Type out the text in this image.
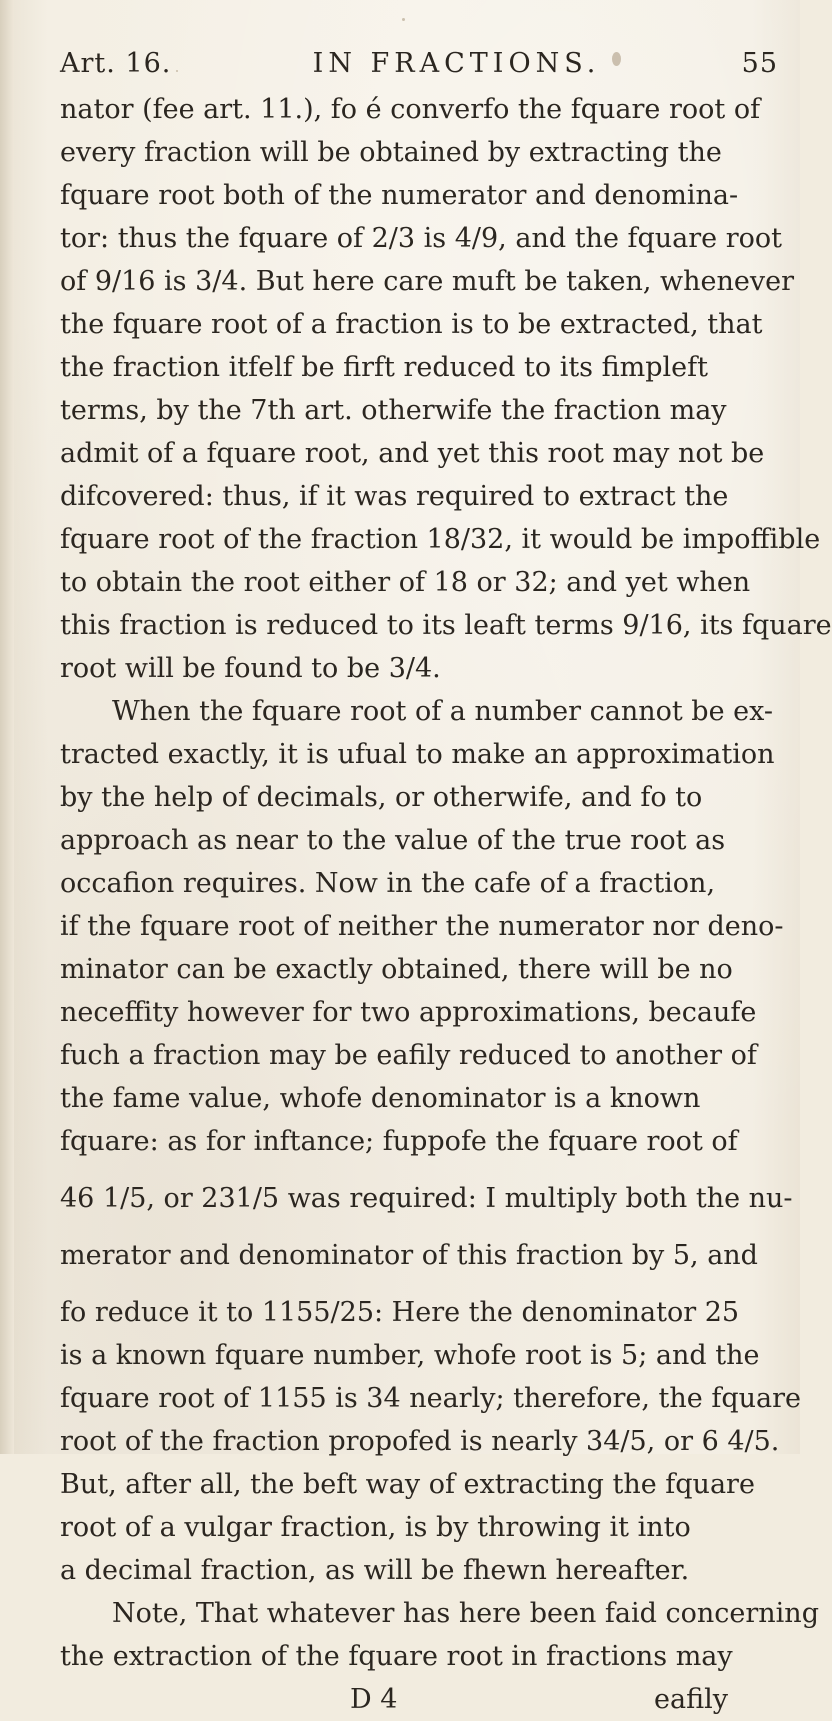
Art. 16.	IN FRACTIONS.	55
nator (fee art. 11.), fo é converfo the fquare root of
every fraction will be obtained by extracting the
fquare root both of the numerator and denomina-
tor: thus the fquare of 2/3 is 4/9, and the fquare root
of 9/16 is 3/4. But here care muft be taken, whenever
the fquare root of a fraction is to be extracted, that
the fraction itfelf be firft reduced to its fimpleft
terms, by the 7th art. otherwife the fraction may
admit of a fquare root, and yet this root may not be
difcovered: thus, if it was required to extract the
fquare root of the fraction 18/32, it would be impoffible
to obtain the root either of 18 or 32; and yet when
this fraction is reduced to its leaft terms 9/16, its fquare
root will be found to be 3/4.
When the fquare root of a number cannot be ex-
tracted exactly, it is ufual to make an approximation
by the help of decimals, or otherwife, and fo to
approach as near to the value of the true root as
occafion requires. Now in the cafe of a fraction,
if the fquare root of neither the numerator nor deno-
minator can be exactly obtained, there will be no
neceffity however for two approximations, becaufe
fuch a fraction may be eafily reduced to another of
the fame value, whofe denominator is a known
fquare: as for inftance; fuppofe the fquare root of
46 1/5, or 231/5 was required: I multiply both the nu-
merator and denominator of this fraction by 5, and
fo reduce it to 1155/25: Here the denominator 25
is a known fquare number, whofe root is 5; and the
fquare root of 1155 is 34 nearly; therefore, the fquare
root of the fraction propofed is nearly 34/5, or 6 4/5.
But, after all, the beft way of extracting the fquare
root of a vulgar fraction, is by throwing it into
a decimal fraction, as will be fhewn hereafter.
Note, That whatever has here been faid concerning
the extraction of the fquare root in fractions may
D 4	eafily
